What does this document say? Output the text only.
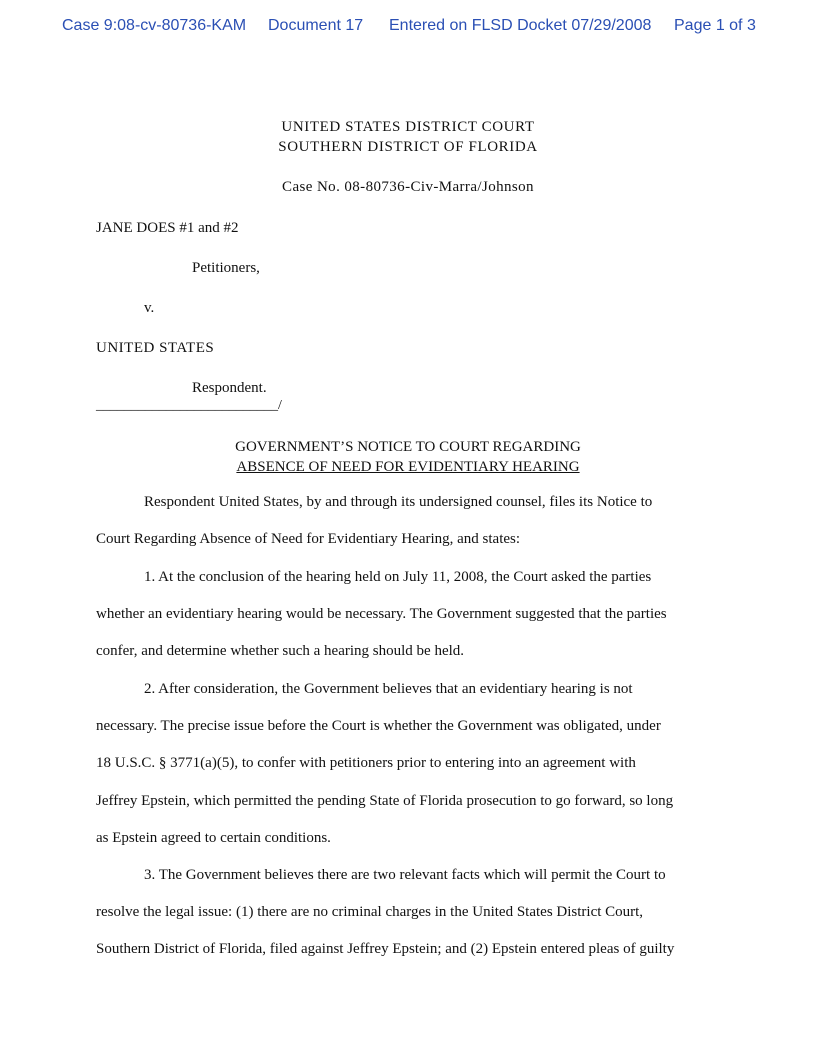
Case 9:08-cv-80736-KAM Document 17 Entered on FLSD Docket 07/29/2008 Page 1 of 3
UNITED STATES DISTRICT COURT
SOUTHERN DISTRICT OF FLORIDA
Case No. 08-80736-Civ-Marra/Johnson
JANE DOES #1 and #2
Petitioners,
v.
UNITED STATES
Respondent.
__________________________/
GOVERNMENT’S NOTICE TO COURT REGARDING
ABSENCE OF NEED FOR EVIDENTIARY HEARING
Respondent United States, by and through its undersigned counsel, files its Notice to
Court Regarding Absence of Need for Evidentiary Hearing, and states:
1. At the conclusion of the hearing held on July 11, 2008, the Court asked the parties
whether an evidentiary hearing would be necessary. The Government suggested that the parties
confer, and determine whether such a hearing should be held.
2. After consideration, the Government believes that an evidentiary hearing is not
necessary. The precise issue before the Court is whether the Government was obligated, under
18 U.S.C. § 3771(a)(5), to confer with petitioners prior to entering into an agreement with
Jeffrey Epstein, which permitted the pending State of Florida prosecution to go forward, so long
as Epstein agreed to certain conditions.
3. The Government believes there are two relevant facts which will permit the Court to
resolve the legal issue: (1) there are no criminal charges in the United States District Court,
Southern District of Florida, filed against Jeffrey Epstein; and (2) Epstein entered pleas of guilty
